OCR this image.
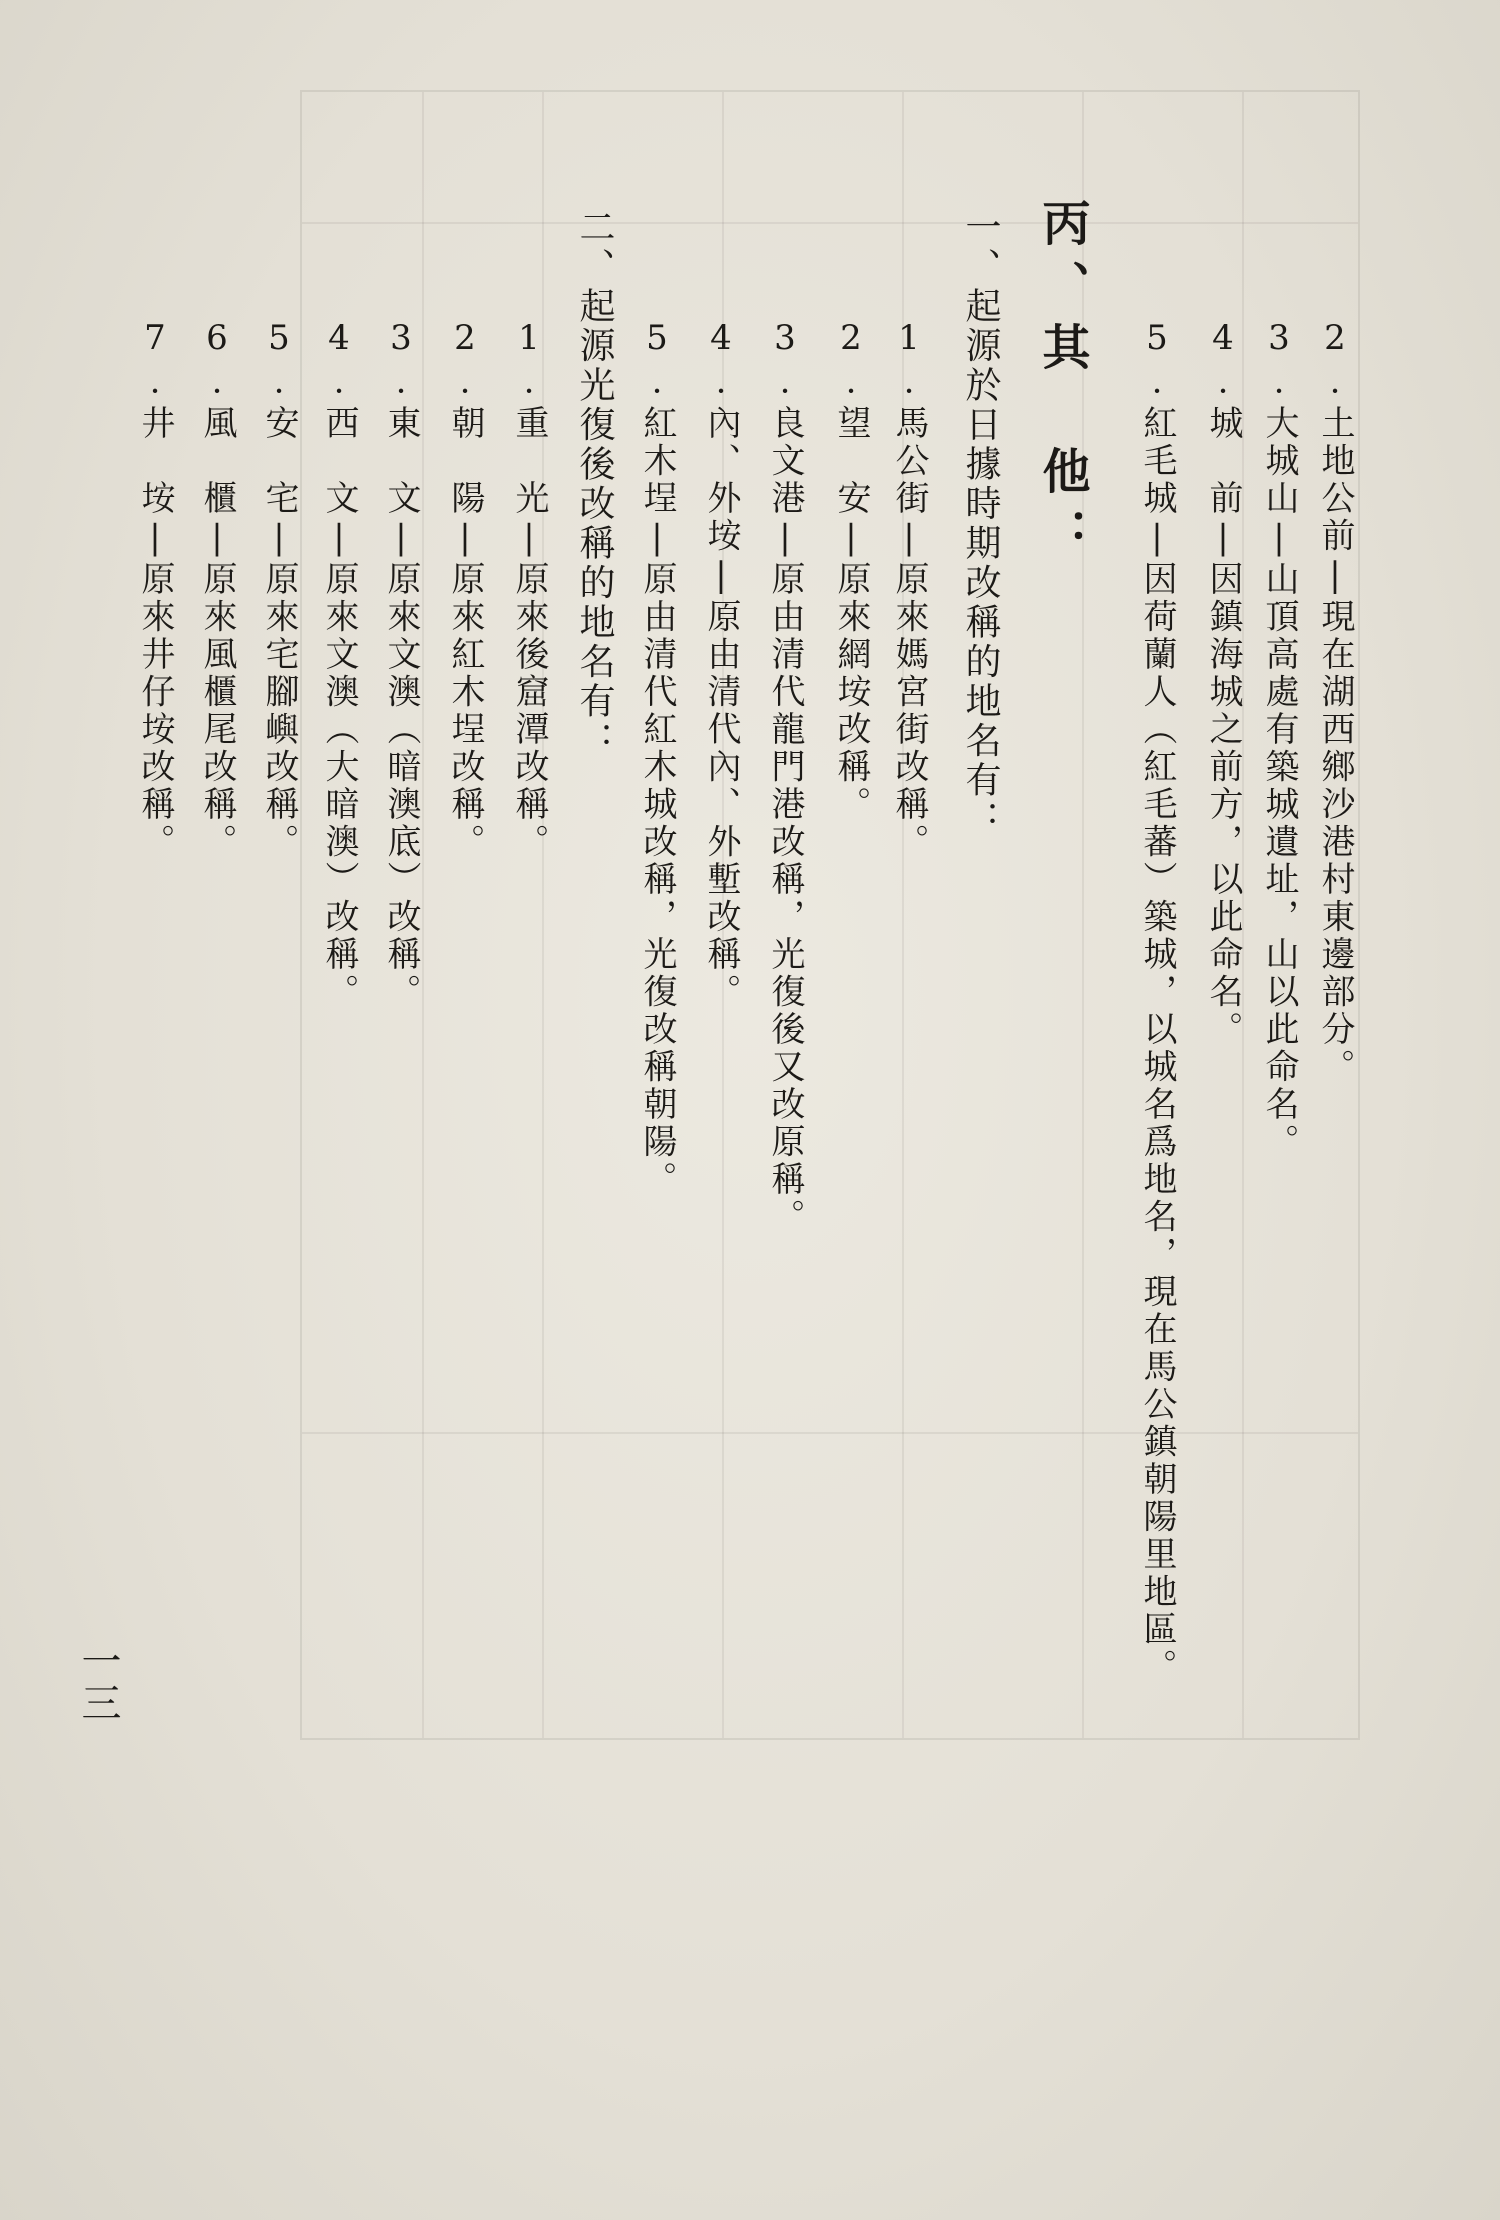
2.土地公前|現在湖西鄉沙港村東邊部分。
3.大城山|山頂高處有築城遺址，山以此命名。
4.城　前|因鎮海城之前方，以此命名。
5.紅毛城|因荷蘭人（紅毛蕃）築城，以城名爲地名，現在馬公鎮朝陽里地區。
丙、其　他：
一、起源於日據時期改稱的地名有：
1.馬公街|原來媽宮街改稱。
2.望　安|原來網垵改稱。
3.良文港|原由清代龍門港改稱，光復後又改原稱。
4.內、外垵|原由清代內、外塹改稱。
5.紅木埕|原由清代紅木城改稱，光復改稱朝陽。
二、起源光復後改稱的地名有：
1.重　光|原來後窟潭改稱。
2.朝　陽|原來紅木埕改稱。
3.東　文|原來文澳（暗澳底）改稱。
4.西　文|原來文澳（大暗澳）改稱。
5.安　宅|原來宅腳嶼改稱。
6.風　櫃|原來風櫃尾改稱。
7.井　垵|原來井仔垵改稱。
一三
